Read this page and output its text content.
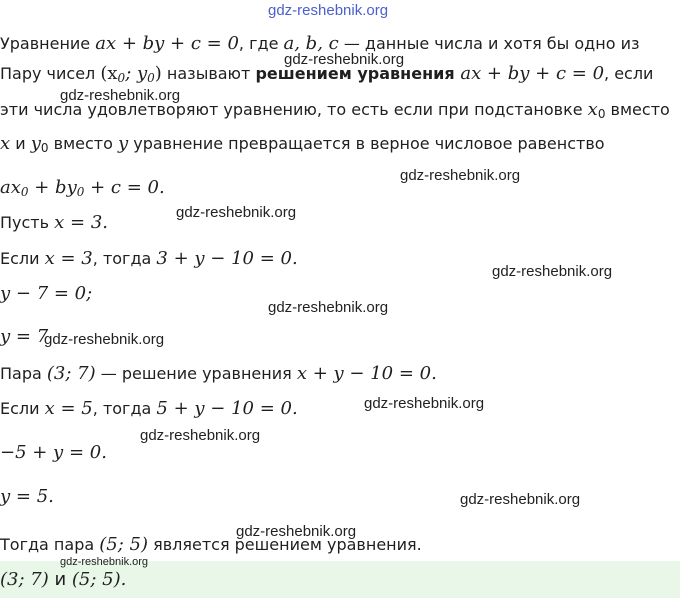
gdz-reshebnik.org
gdz-reshebnik.org
gdz-reshebnik.org
gdz-reshebnik.org
gdz-reshebnik.org
gdz-reshebnik.org
gdz-reshebnik.org
gdz-reshebnik.org
gdz-reshebnik.org
gdz-reshebnik.org
gdz-reshebnik.org
gdz-reshebnik.org
Уравнение ax + by + c = 0, где a, b, c — данные числа и хотя бы одно из
Пару чисел ($x_0$; $y_0$) называют решением уравнения ax + by + c = 0, если
эти числа удовлетворяют уравнению, то есть если при подстановке $x_0$ вместо
x и $y_0$ вместо y уравнение превращается в верное числовое равенство
$ax_0 + by_0 + c = 0$.
Пусть x = 3.
Если x = 3, тогда 3 + y − 10 = 0.
y − 7 = 0;
y = 7
Пара (3; 7) — решение уравнения x + y − 10 = 0.
Если x = 5, тогда 5 + y − 10 = 0.
−5 + y = 0.
y = 5.
Тогда пара (5; 5) является решением уравнения.
gdz-reshebnik.org
(3; 7) и (5; 5).
